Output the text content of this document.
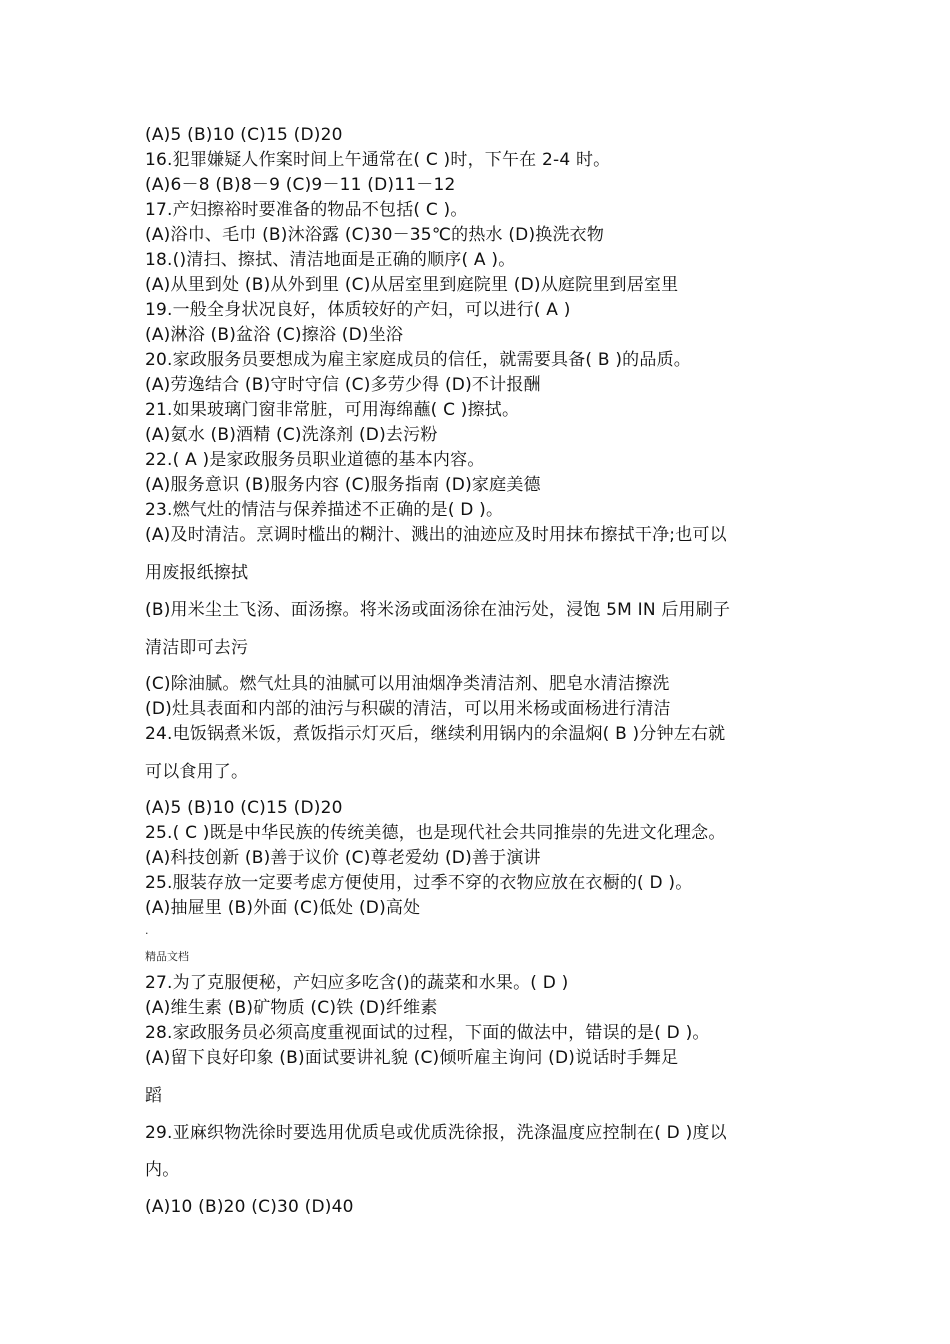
(A)5 (B)10 (C)15 (D)20
16.犯罪嫌疑人作案时间上午通常在( C )时，下午在 2-4 时。
(A)6－8 (B)8－9 (C)9－11 (D)11－12
17.产妇擦裕时要准备的物品不包括( C )。
(A)浴巾、毛巾 (B)沐浴露 (C)30－35℃的热水 (D)换洗衣物
18.()清扫、擦拭、清洁地面是正确的顺序( A )。
(A)从里到处 (B)从外到里 (C)从居室里到庭院里 (D)从庭院里到居室里
19.一般全身状况良好，体质较好的产妇，可以进行( A )
(A)淋浴 (B)盆浴 (C)擦浴 (D)坐浴
20.家政服务员要想成为雇主家庭成员的信任，就需要具备( B )的品质。
(A)劳逸结合 (B)守时守信 (C)多劳少得 (D)不计报酬
21.如果玻璃门窗非常脏，可用海绵蘸( C )擦拭。
(A)氨水 (B)酒精 (C)洗涤剂 (D)去污粉
22.( A )是家政服务员职业道德的基本内容。
(A)服务意识 (B)服务内容 (C)服务指南 (D)家庭美德
23.燃气灶的情洁与保养描述不正确的是( D )。
(A)及时清洁。烹调时槛出的糊汁、溅出的油迹应及时用抹布擦拭干净;也可以
用废报纸擦拭
(B)用米尘土飞汤、面汤擦。将米汤或面汤徐在油污处，浸饱 5M IN 后用刷子
清洁即可去污
(C)除油腻。燃气灶具的油腻可以用油烟净类清洁剂、肥皂水清洁擦洗
(D)灶具表面和内部的油污与积碳的清洁，可以用米杨或面杨进行清洁
24.电饭锅煮米饭，煮饭指示灯灭后，继续利用锅内的余温焖( B )分钟左右就
可以食用了。
(A)5 (B)10 (C)15 (D)20
25.( C )既是中华民族的传统美德，也是现代社会共同推崇的先进文化理念。
(A)科技创新 (B)善于议价 (C)尊老爱幼 (D)善于演讲
25.服装存放一定要考虑方便使用，过季不穿的衣物应放在衣橱的( D )。
(A)抽屉里 (B)外面 (C)低处 (D)高处
.
精品文档
27.为了克服便秘，产妇应多吃含()的蔬菜和水果。( D )
(A)维生素 (B)矿物质 (C)铁 (D)纤维素
28.家政服务员必须高度重视面试的过程，下面的做法中，错误的是( D )。
(A)留下良好印象 (B)面试要讲礼貌 (C)倾听雇主询问 (D)说话时手舞足
蹈
29.亚麻织物洗徐时要选用优质皂或优质洗徐报，洗涤温度应控制在( D )度以
内。
(A)10 (B)20 (C)30 (D)40
